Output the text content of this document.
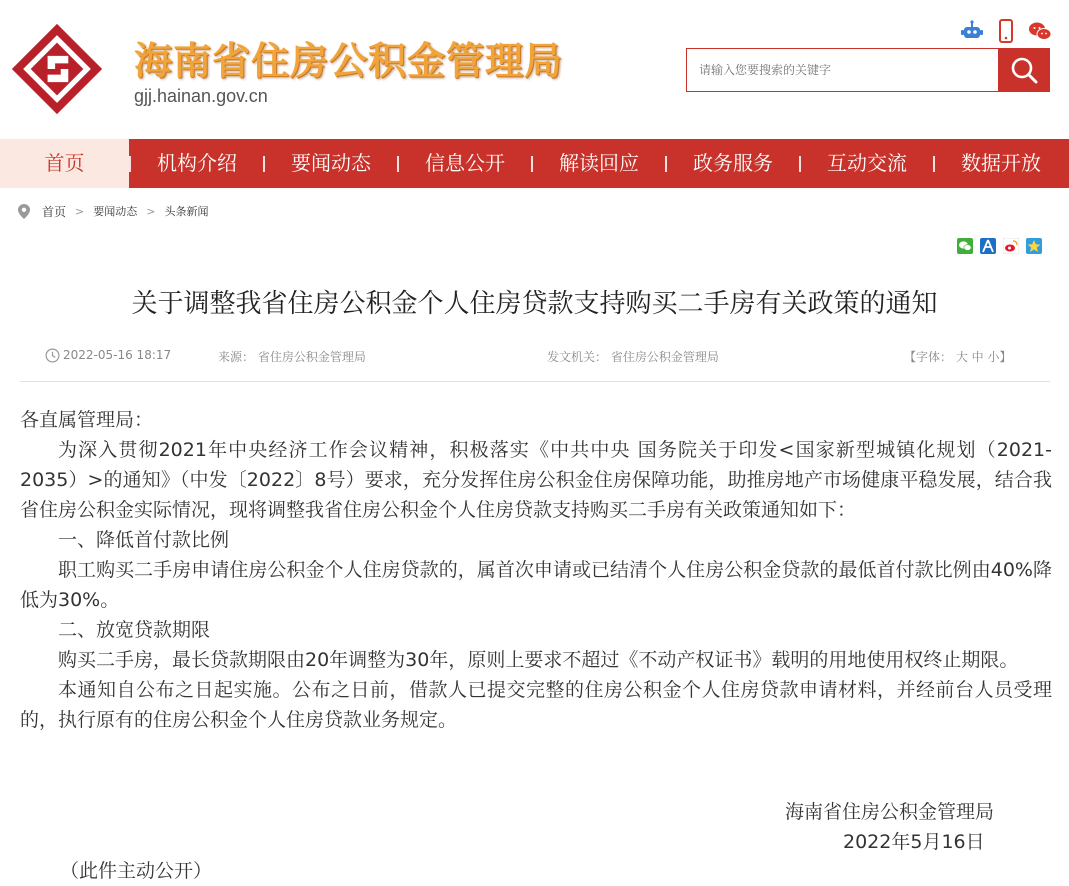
海南省住房公积金管理局
gjj.hainan.gov.cn
请输入您要搜索的关键字
首页	机构介绍	要闻动态	信息公开	解读回应	政务服务	互动交流	数据开放
首页 > 要闻动态 > 头条新闻
关于调整我省住房公积金个人住房贷款支持购买二手房有关政策的通知
2022-05-16 18:17	来源： 省住房公积金管理局	发文机关： 省住房公积金管理局	【字体： 大 中 小】

各直属管理局：

为深入贯彻2021年中央经济工作会议精神，积极落实《中共中央 国务院关于印发<国家新型城镇化规划（2021-2035）>的通知》（中发〔2022〕8号）要求，充分发挥住房公积金住房保障功能，助推房地产市场健康平稳发展，结合我省住房公积金实际情况，现将调整我省住房公积金个人住房贷款支持购买二手房有关政策通知如下：

一、降低首付款比例

职工购买二手房申请住房公积金个人住房贷款的，属首次申请或已结清个人住房公积金贷款的最低首付款比例由40%降低为30%。

二、放宽贷款期限

购买二手房，最长贷款期限由20年调整为30年，原则上要求不超过《不动产权证书》载明的用地使用权终止期限。

本通知自公布之日起实施。公布之日前，借款人已提交完整的住房公积金个人住房贷款申请材料，并经前台人员受理的，执行原有的住房公积金个人住房贷款业务规定。

海南省住房公积金管理局
2022年5月16日
（此件主动公开）
